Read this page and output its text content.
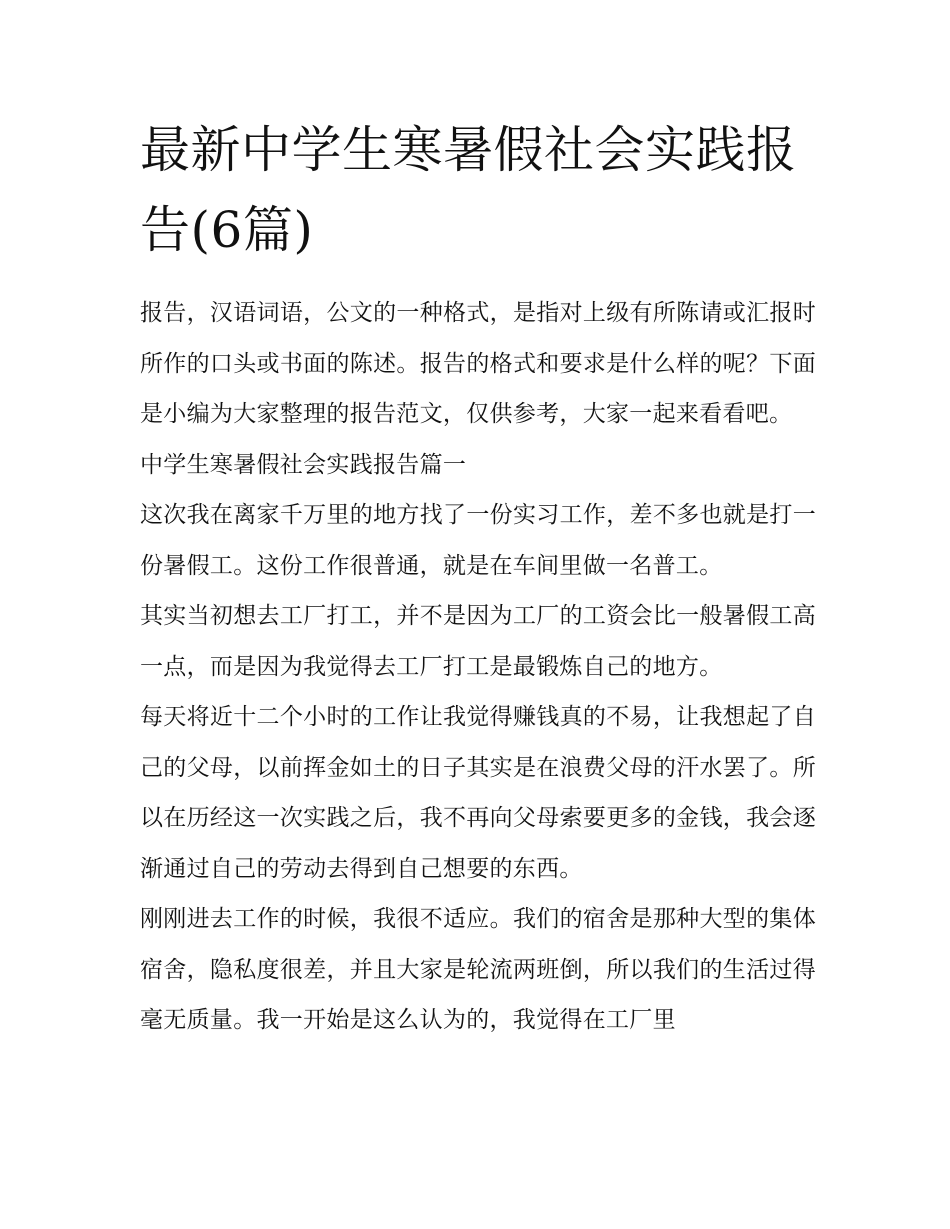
最新中学生寒暑假社会实践报告(6篇)

报告，汉语词语，公文的一种格式，是指对上级有所陈请或汇报时所作的口头或书面的陈述。报告的格式和要求是什么样的呢？下面是小编为大家整理的报告范文，仅供参考，大家一起来看看吧。

中学生寒暑假社会实践报告篇一

这次我在离家千万里的地方找了一份实习工作，差不多也就是打一份暑假工。这份工作很普通，就是在车间里做一名普工。

其实当初想去工厂打工，并不是因为工厂的工资会比一般暑假工高一点，而是因为我觉得去工厂打工是最锻炼自己的地方。

每天将近十二个小时的工作让我觉得赚钱真的不易，让我想起了自己的父母，以前挥金如土的日子其实是在浪费父母的汗水罢了。所以在历经这一次实践之后，我不再向父母索要更多的金钱，我会逐渐通过自己的劳动去得到自己想要的东西。

刚刚进去工作的时候，我很不适应。我们的宿舍是那种大型的集体宿舍，隐私度很差，并且大家是轮流两班倒，所以我们的生活过得毫无质量。我一开始是这么认为的，我觉得在工厂里
